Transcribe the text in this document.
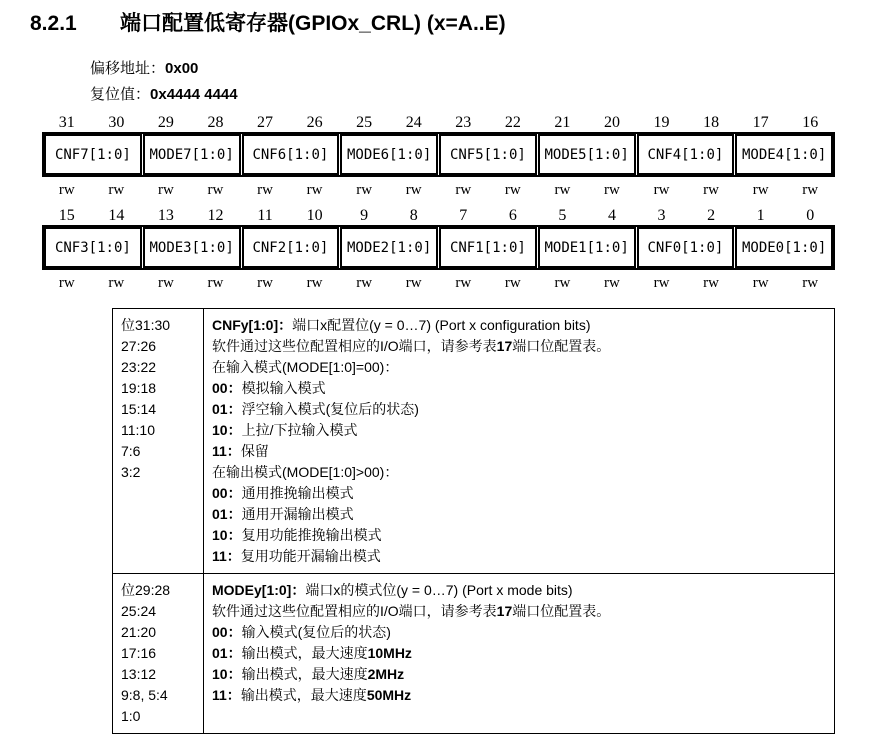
8.2.1	端口配置低寄存器(GPIOx_CRL) (x=A..E)
偏移地址：0x00
复位值：0x4444 4444
31	30	29	28	27	26	25	24	23	22	21	20	19	18	17	16
CNF7[1:0]	MODE7[1:0]	CNF6[1:0]	MODE6[1:0]	CNF5[1:0]	MODE5[1:0]	CNF4[1:0]	MODE4[1:0]
rw	rw	rw	rw	rw	rw	rw	rw	rw	rw	rw	rw	rw	rw	rw	rw
15	14	13	12	11	10	9	8	7	6	5	4	3	2	1	0
CNF3[1:0]	MODE3[1:0]	CNF2[1:0]	MODE2[1:0]	CNF1[1:0]	MODE1[1:0]	CNF0[1:0]	MODE0[1:0]
rw	rw	rw	rw	rw	rw	rw	rw	rw	rw	rw	rw	rw	rw	rw	rw
位31:30
27:26
23:22
19:18
15:14
11:10
7:6
3:2

CNFy[1:0]：端口x配置位(y = 0…7) (Port x configuration bits)
软件通过这些位配置相应的I/O端口，请参考表17端口位配置表。
在输入模式(MODE[1:0]=00)：
00：模拟输入模式
01：浮空输入模式(复位后的状态)
10：上拉/下拉输入模式
11：保留
在输出模式(MODE[1:0]>00)：
00：通用推挽输出模式
01：通用开漏输出模式
10：复用功能推挽输出模式
11：复用功能开漏输出模式

位29:28
25:24
21:20
17:16
13:12
9:8, 5:4
1:0

MODEy[1:0]：端口x的模式位(y = 0…7) (Port x mode bits)
软件通过这些位配置相应的I/O端口，请参考表17端口位配置表。
00：输入模式(复位后的状态)
01：输出模式，最大速度10MHz
10：输出模式，最大速度2MHz
11：输出模式，最大速度50MHz
